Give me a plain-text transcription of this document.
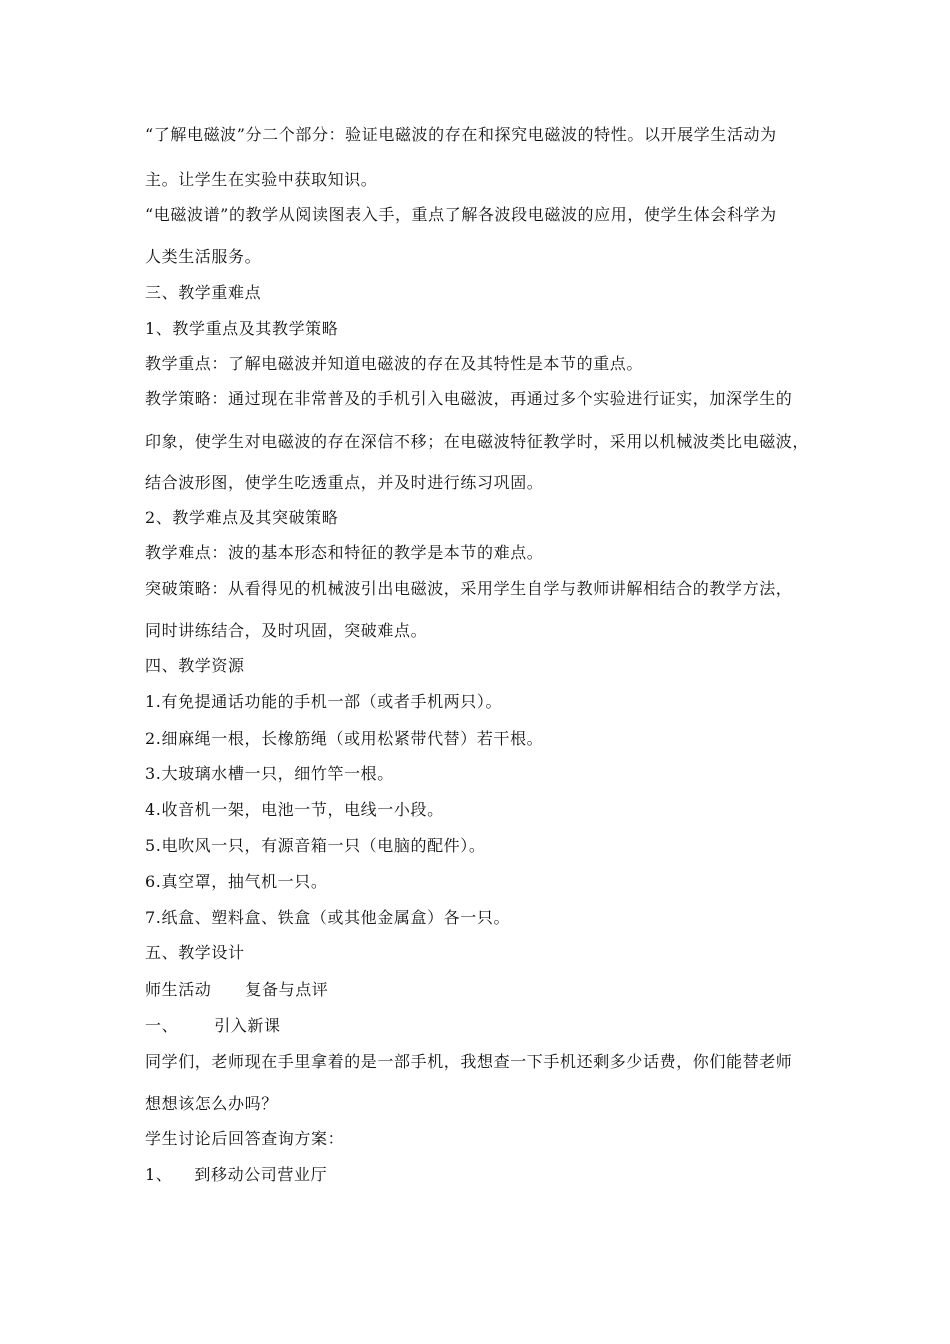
“了解电磁波”分二个部分：验证电磁波的存在和探究电磁波的特性。以开展学生活动为
主。让学生在实验中获取知识。
“电磁波谱”的教学从阅读图表入手，重点了解各波段电磁波的应用，使学生体会科学为
人类生活服务。
三、教学重难点
1、教学重点及其教学策略
教学重点：了解电磁波并知道电磁波的存在及其特性是本节的重点。
教学策略：通过现在非常普及的手机引入电磁波，再通过多个实验进行证实，加深学生的
印象，使学生对电磁波的存在深信不移；在电磁波特征教学时，采用以机械波类比电磁波，
结合波形图，使学生吃透重点，并及时进行练习巩固。
2、教学难点及其突破策略
教学难点：波的基本形态和特征的教学是本节的难点。
突破策略：从看得见的机械波引出电磁波，采用学生自学与教师讲解相结合的教学方法，
同时讲练结合，及时巩固，突破难点。
四、教学资源
1.有免提通话功能的手机一部（或者手机两只）。
2.细麻绳一根，长橡筋绳（或用松紧带代替）若干根。
3.大玻璃水槽一只，细竹竿一根。
4.收音机一架，电池一节，电线一小段。
5.电吹风一只，有源音箱一只（电脑的配件）。
6.真空罩，抽气机一只。
7.纸盒、塑料盒、铁盒（或其他金属盒）各一只。
五、教学设计
师生活动 复备与点评
一、 引入新课
同学们，老师现在手里拿着的是一部手机，我想查一下手机还剩多少话费，你们能替老师
想想该怎么办吗？
学生讨论后回答查询方案：
1、 到移动公司营业厅
